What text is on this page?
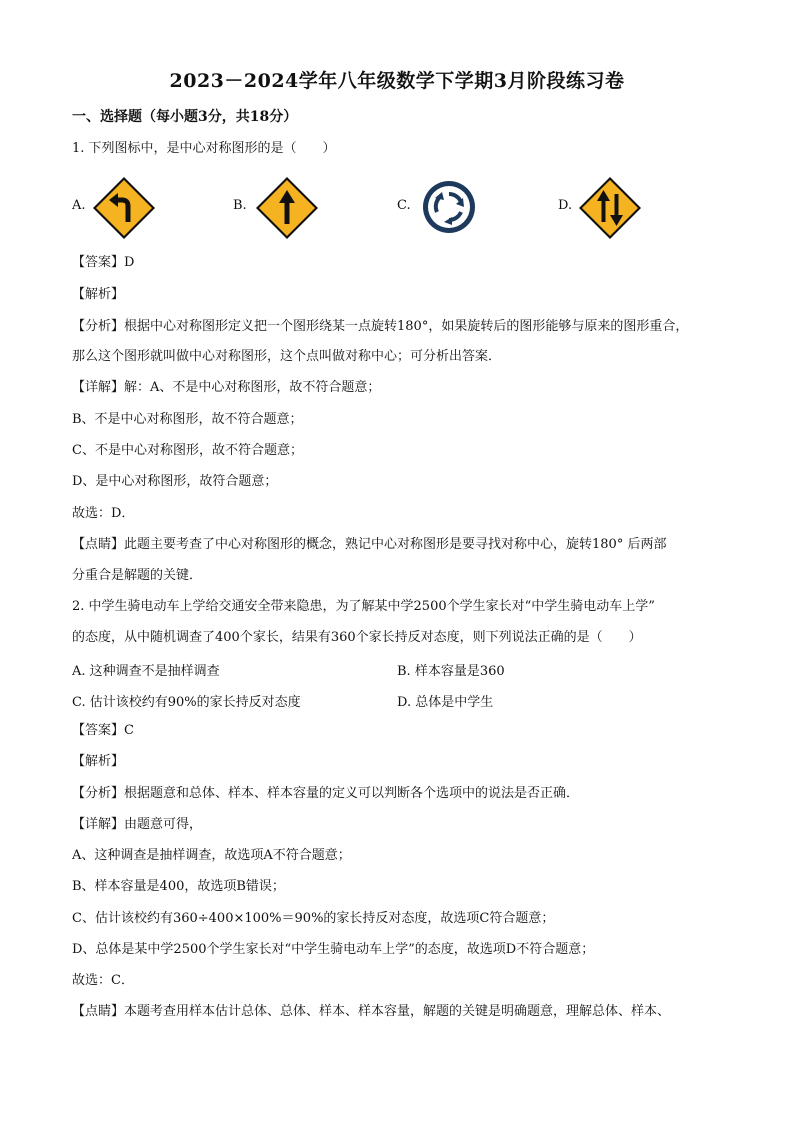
2023－2024学年八年级数学下学期3月阶段练习卷
一、选择题（每小题3分，共18分）
1. 下列图标中，是中心对称图形的是（　　）
A.	B.	C.	D.
【答案】D
【解析】
【分析】根据中心对称图形定义把一个图形绕某一点旋转180°，如果旋转后的图形能够与原来的图形重合，
那么这个图形就叫做中心对称图形，这个点叫做对称中心；可分析出答案．
【详解】解：A、不是中心对称图形，故不符合题意；
B、不是中心对称图形，故不符合题意；
C、不是中心对称图形，故不符合题意；
D、是中心对称图形，故符合题意；
故选：D．
【点睛】此题主要考查了中心对称图形的概念，熟记中心对称图形是要寻找对称中心，旋转180° 后两部
分重合是解题的关键．
2. 中学生骑电动车上学给交通安全带来隐患，为了解某中学2500个学生家长对“中学生骑电动车上学”
的态度，从中随机调查了400个家长，结果有360个家长持反对态度，则下列说法正确的是（　　）
A. 这种调查不是抽样调查	B. 样本容量是360
C. 估计该校约有90%的家长持反对态度	D. 总体是中学生
【答案】C
【解析】
【分析】根据题意和总体、样本、样本容量的定义可以判断各个选项中的说法是否正确．
【详解】由题意可得，
A、这种调查是抽样调查，故选项A不符合题意；
B、样本容量是400，故选项B错误；
C、估计该校约有360÷400×100%＝90%的家长持反对态度，故选项C符合题意；
D、总体是某中学2500个学生家长对“中学生骑电动车上学”的态度，故选项D不符合题意；
故选：C．
【点睛】本题考查用样本估计总体、总体、样本、样本容量，解题的关键是明确题意，理解总体、样本、
